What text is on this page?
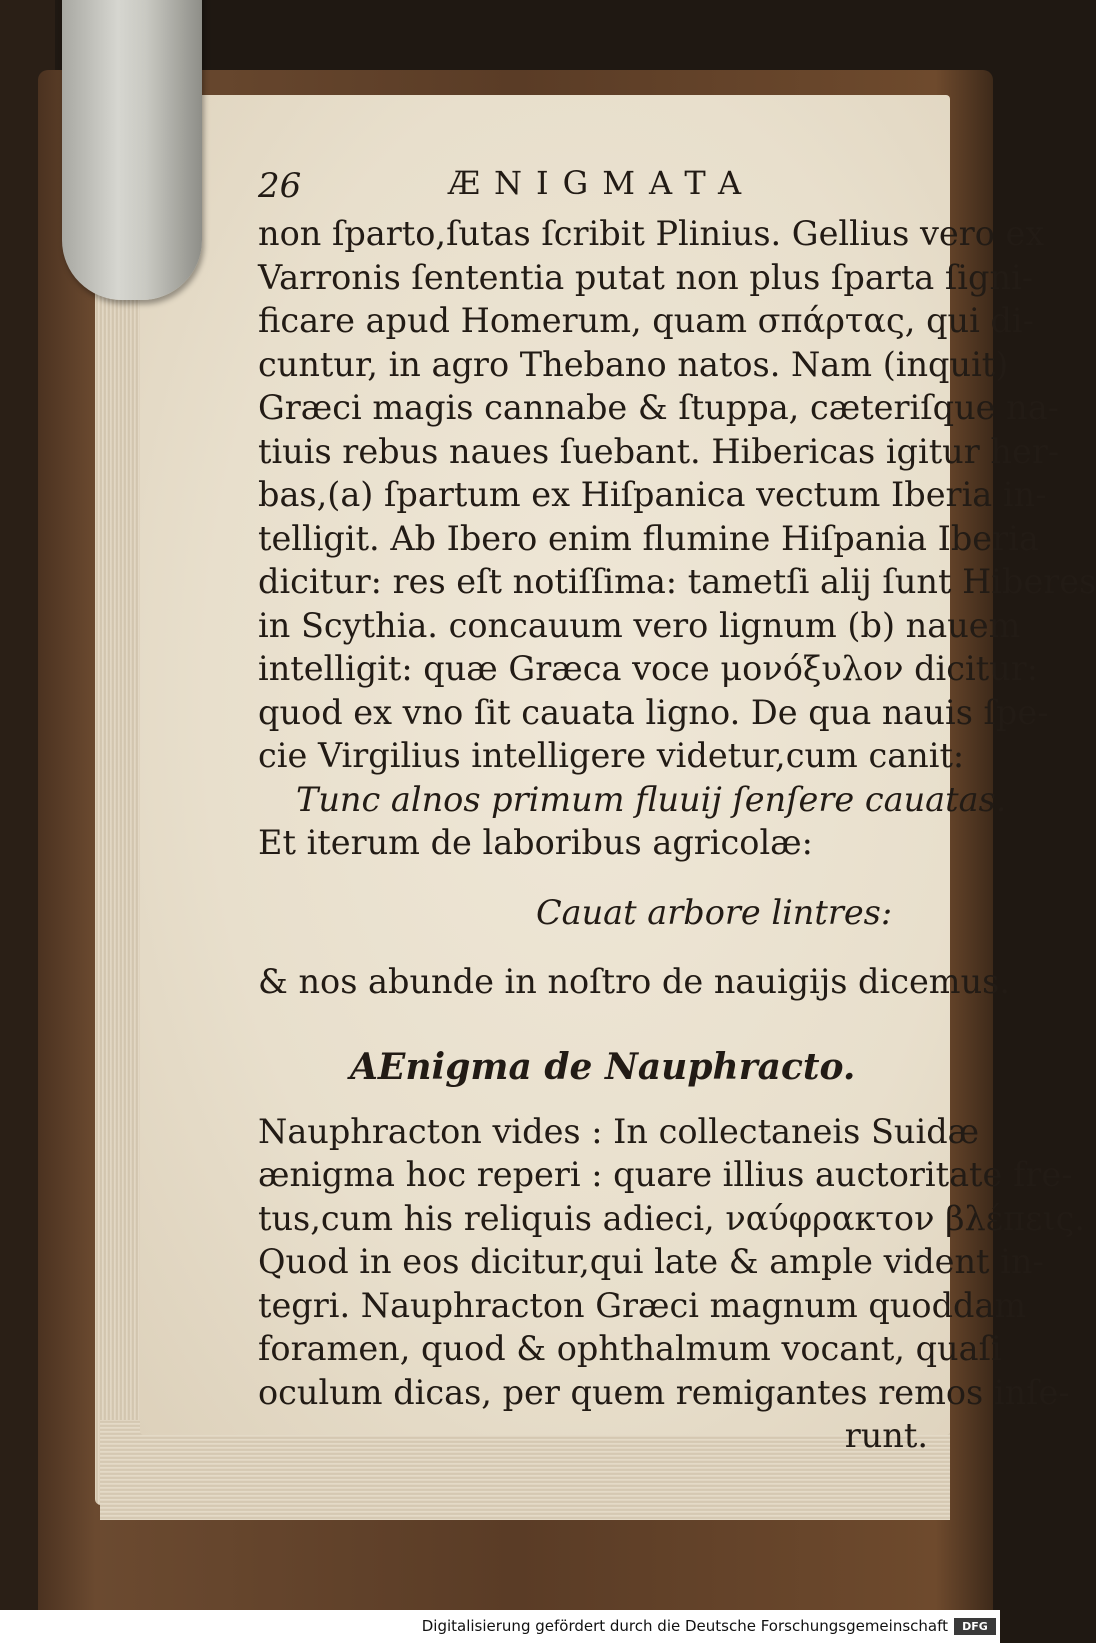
26	ÆNIGMATA
non ſparto,ſutas ſcribit Plinius. Gellius vero ex
Varronis ſententia putat non plus ſparta ſigni-
ficare apud Homerum, quam σπάρτας, qui di-
cuntur, in agro Thebano natos. Nam (inquit)
Græci magis cannabe & ſtuppa, cæteriſque na-
tiuis rebus naues ſuebant. Hibericas igitur her-
bas,(a) ſpartum ex Hiſpanica vectum Iberia in-
telligit. Ab Ibero enim flumine Hiſpania Iberia
dicitur: res eſt notiſſima: tametſi alij ſunt Hiberes
in Scythia. concauum vero lignum (b) nauem
intelligit: quæ Græca voce μονόξυλον dicitur:
quod ex vno ſit cauata ligno. De qua nauis ſpe-
cie Virgilius intelligere videtur,cum canit:
Tunc alnos primum fluuij ſenſere cauatas.
Et iterum de laboribus agricolæ:
Cauat arbore lintres:
& nos abunde in noſtro de nauigijs dicemus.
AEnigma de Nauphracto.
Nauphracton vides : In collectaneis Suidæ
ænigma hoc reperi : quare illius auctoritate fre-
tus,cum his reliquis adieci, ναύφρακτον βλέπεις.
Quod in eos dicitur,qui late & ample vident in-
tegri. Nauphracton Græci magnum quoddam
foramen, quod & ophthalmum vocant, quaſi
oculum dicas, per quem remigantes remos inſe-
runt.
Digitalisierung gefördert durch die Deutsche Forschungsgemeinschaft	DFG
